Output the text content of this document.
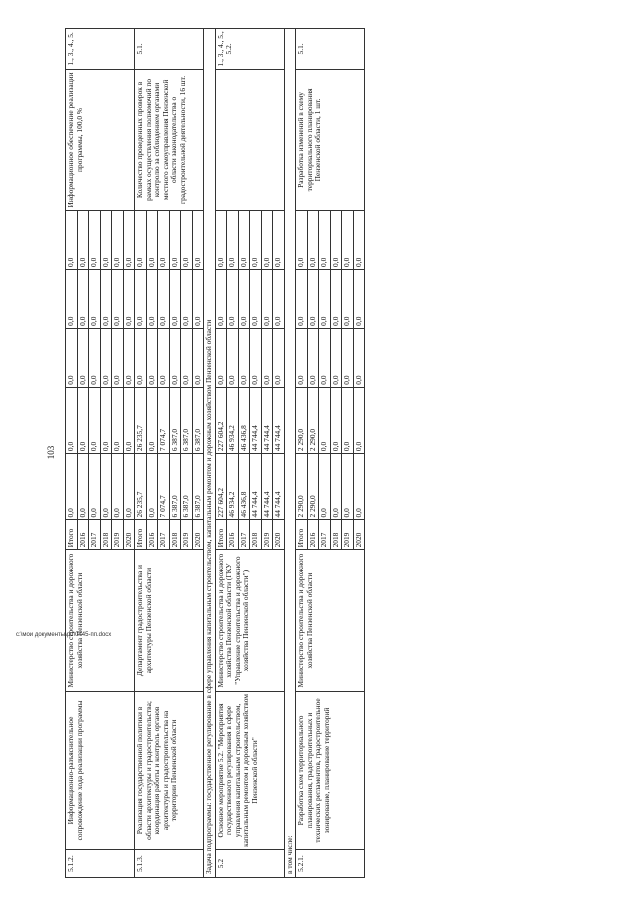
103
5.1.2.	Информационно-разъяснительное сопровождение хода реализации программы	Министерство строительства и дорожного хозяйства Пензенской области	Итого	0,0	0,0	0,0	0,0	0,0	Информационное обеспечение реализации программы, 100,0 %	1., 3., 4., 5.
			2016	0,0	0,0	0,0	0,0	0,0		
			2017	0,0	0,0	0,0	0,0	0,0		
			2018	0,0	0,0	0,0	0,0	0,0		
			2019	0,0	0,0	0,0	0,0	0,0		
			2020	0,0	0,0	0,0	0,0	0,0		
5.1.3.	Реализация государственной политики в области архитектуры и градостроительства; координация работы и контроль органов архитектуры и градостроительства на территории Пензенской области	Департамент градостроительства и архитектуры Пензенской области	Итого	26 235,7	26 235,7	0,0	0,0	0,0	Количество проведенных проверок в рамках осуществления полномочий по контролю за соблюдением органами местного самоуправления Пензенской области законодательства о градостроительной деятельности, 16 шт.	5.1.
			2016	0,0	0,0	0,0	0,0	0,0		
			2017	7 074,7	7 074,7	0,0	0,0	0,0		
			2018	6 387,0	6 387,0	0,0	0,0	0,0		
			2019	6 387,0	6 387,0	0,0	0,0	0,0		
			2020	6 387,0	6 387,0	0,0	0,0	0,0		
Задача подпрограммы: государственное регулирование в сфере управления капитальным строительством, капитальным ремонтом и дорожным хозяйством Пензенской области										
5.2	Основное мероприятие 5.2. "Мероприятия государственного регулирования в сфере управления капитальным строительством, капитальным ремонтом и дорожным хозяйством Пензенской области"	Министерство строительства и дорожного хозяйства Пензенской области (ГКУ "Управление строительства и дорожного хозяйства Пензенской области")	Итого	227 604,2	227 604,2	0,0	0,0	0,0		1., 3., 4., 5., 5.2.
			2016	46 934,2	46 934,2	0,0	0,0	0,0		
			2017	46 436,8	46 436,8	0,0	0,0	0,0		
			2018	44 744,4	44 744,4	0,0	0,0	0,0		
			2019	44 744,4	44 744,4	0,0	0,0	0,0		
			2020	44 744,4	44 744,4	0,0	0,0	0,0		
в том числе:										
5.2.1.	Разработка схем территориального планирования, градостроительных и технических регламентов, градостроительное зонирование, планирование территорий	Министерство строительства и дорожного хозяйства Пензенской области	Итого	2 290,0	2 290,0	0,0	0,0	0,0	Разработка изменений в схему территориального планирования Пензенской области, 1 шт.	5.1.
			2016	2 290,0	2 290,0	0,0	0,0	0,0		
			2017	0,0	0,0	0,0	0,0	0,0		
			2018	0,0	0,0	0,0	0,0	0,0		
			2019	0,0	0,0	0,0	0,0	0,0		
			2020	0,0	0,0	0,0	0,0	0,0		
c:\мои документы\pd\0445-пп.docx
